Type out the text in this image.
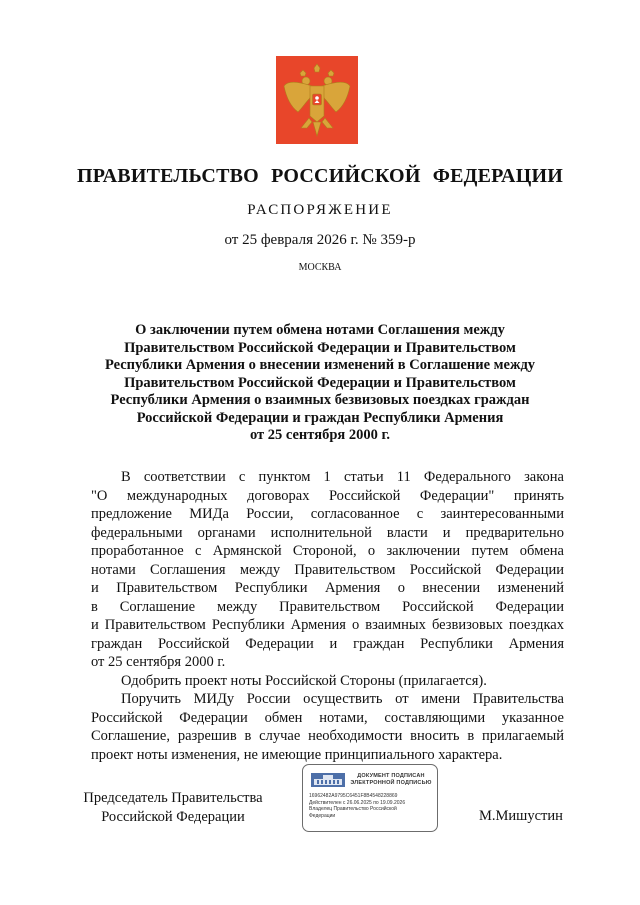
ПРАВИТЕЛЬСТВО РОССИЙСКОЙ ФЕДЕРАЦИИ
РАСПОРЯЖЕНИЕ
от 25 февраля 2026 г. № 359-р
МОСКВА
О заключении путем обмена нотами Соглашения между
Правительством Российской Федерации и Правительством
Республики Армения о внесении изменений в Соглашение между
Правительством Российской Федерации и Правительством
Республики Армения о взаимных безвизовых поездках граждан
Российской Федерации и граждан Республики Армения
от 25 сентября 2000 г.
В соответствии с пунктом 1 статьи 11 Федерального закона
"О международных договорах Российской Федерации" принять
предложение МИДа России, согласованное с заинтересованными
федеральными органами исполнительной власти и предварительно
проработанное с Армянской Стороной, о заключении путем обмена
нотами Соглашения между Правительством Российской Федерации
и Правительством Республики Армения о внесении изменений
в Соглашение между Правительством Российской Федерации
и Правительством Республики Армения о взаимных безвизовых поездках
граждан Российской Федерации и граждан Республики Армения
от 25 сентября 2000 г.
Одобрить проект ноты Российской Стороны (прилагается).
Поручить МИДу России осуществить от имени Правительства
Российской Федерации обмен нотами, составляющими указанное
Соглашение, разрешив в случае необходимости вносить в прилагаемый
проект ноты изменения, не имеющие принципиального характера.
Председатель Правительства
Российской Федерации	М.Мишустин
ДОКУМЕНТ ПОДПИСАН
ЭЛЕКТРОННОЙ ПОДПИСЬЮ
16962482A9795C6451F8B4548228869
Действителен с 26.06.2025 по 19.09.2026
Владелец Правительство Российской
Федерации
